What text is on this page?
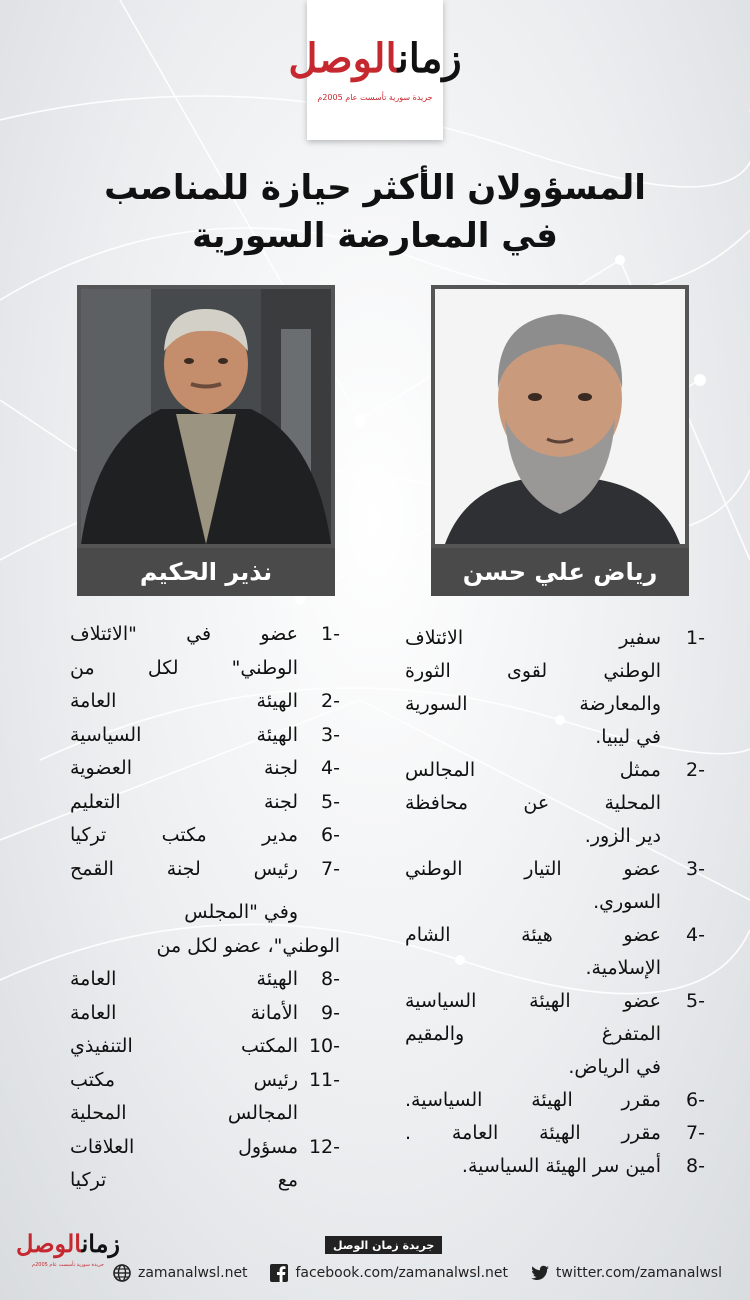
زمانالوصل
جريدة سورية تأسست عام 2005م
المسؤولان الأكثر حيازة للمناصب
في المعارضة السورية
رياض علي حسن
نذير الحكيم
1-
سفير الائتلاف
الوطني لقوى الثورة
والمعارضة السورية
في ليبيا.
2-
ممثل المجالس
المحلية عن محافظة
دير الزور.
3-
عضو التيار الوطني
السوري.
4-
عضو هيئة الشام
الإسلامية.
5-
عضو الهيئة السياسية
المتفرغ والمقيم
في الرياض.
6-
مقرر الهيئة السياسية.
7-
مقرر الهيئة العامة .
8-
أمين سر الهيئة السياسية.
1-
عضو في "الائتلاف
الوطني" لكل من
2-
الهيئة العامة
3-
الهيئة السياسية
4-
لجنة العضوية
5-
لجنة التعليم
6-
مدير مكتب تركيا
7-
رئيس لجنة القمح
وفي "المجلس
الوطني"، عضو لكل من
8-
الهيئة العامة
9-
الأمانة العامة
10-
المكتب التنفيذي
11-
رئيس مكتب
المجالس المحلية
12-
مسؤول العلاقات
مع تركيا
زمانالوصل
جريدة سورية تأسست عام 2005م
جريدة زمان الوصل
zamanalwsl.net	facebook.com/zamanalwsl.net	twitter.com/zamanalwsl
